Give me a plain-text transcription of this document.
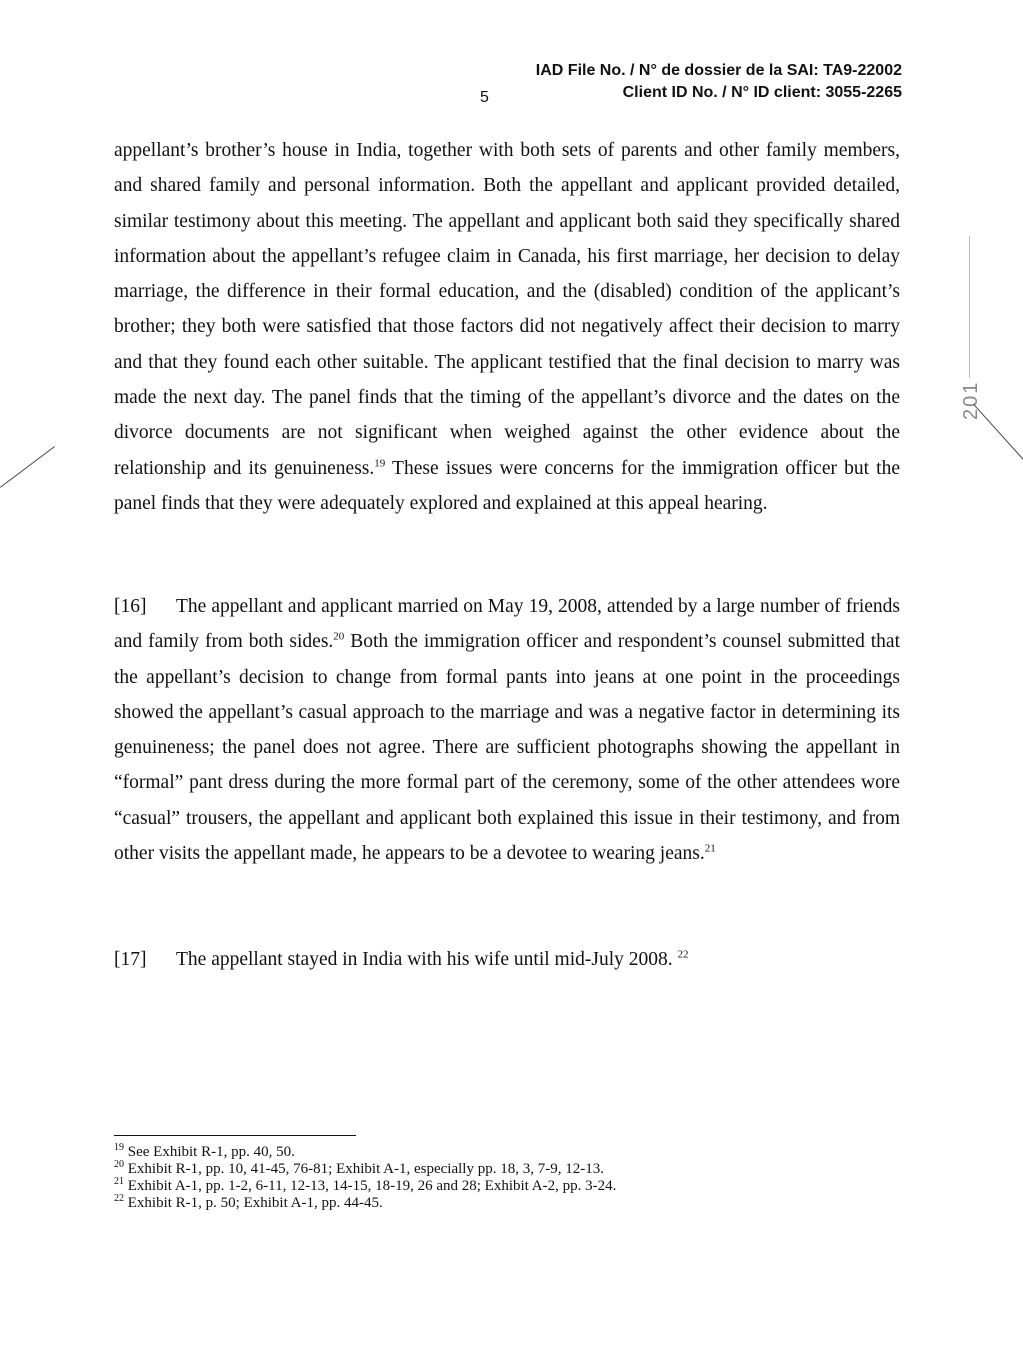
IAD File No. / N° de dossier de la SAI: TA9-22002
Client ID No. / N° ID client: 3055-2265
5

appellant’s brother’s house in India, together with both sets of parents and other family members, and shared family and personal information. Both the appellant and applicant provided detailed, similar testimony about this meeting. The appellant and applicant both said they specifically shared information about the appellant’s refugee claim in Canada, his first marriage, her decision to delay marriage, the difference in their formal education, and the (disabled) condition of the applicant’s brother; they both were satisfied that those factors did not negatively affect their decision to marry and that they found each other suitable. The applicant testified that the final decision to marry was made the next day. The panel finds that the timing of the appellant’s divorce and the dates on the divorce documents are not significant when weighed against the other evidence about the relationship and its genuineness.$^{19}$ These issues were concerns for the immigration officer but the panel finds that they were adequately explored and explained at this appeal hearing.

[16] The appellant and applicant married on May 19, 2008, attended by a large number of friends and family from both sides.$^{20}$ Both the immigration officer and respondent’s counsel submitted that the appellant’s decision to change from formal pants into jeans at one point in the proceedings showed the appellant’s casual approach to the marriage and was a negative factor in determining its genuineness; the panel does not agree. There are sufficient photographs showing the appellant in “formal” pant dress during the more formal part of the ceremony, some of the other attendees wore “casual” trousers, the appellant and applicant both explained this issue in their testimony, and from other visits the appellant made, he appears to be a devotee to wearing jeans.$^{21}$

[17] The appellant stayed in India with his wife until mid-July 2008. $^{22}$

$^{19}$ See Exhibit R-1, pp. 40, 50.
$^{20}$ Exhibit R-1, pp. 10, 41-45, 76-81; Exhibit A-1, especially pp. 18, 3, 7-9, 12-13.
$^{21}$ Exhibit A-1, pp. 1-2, 6-11, 12-13, 14-15, 18-19, 26 and 28; Exhibit A-2, pp. 3-24.
$^{22}$ Exhibit R-1, p. 50; Exhibit A-1, pp. 44-45.
201
